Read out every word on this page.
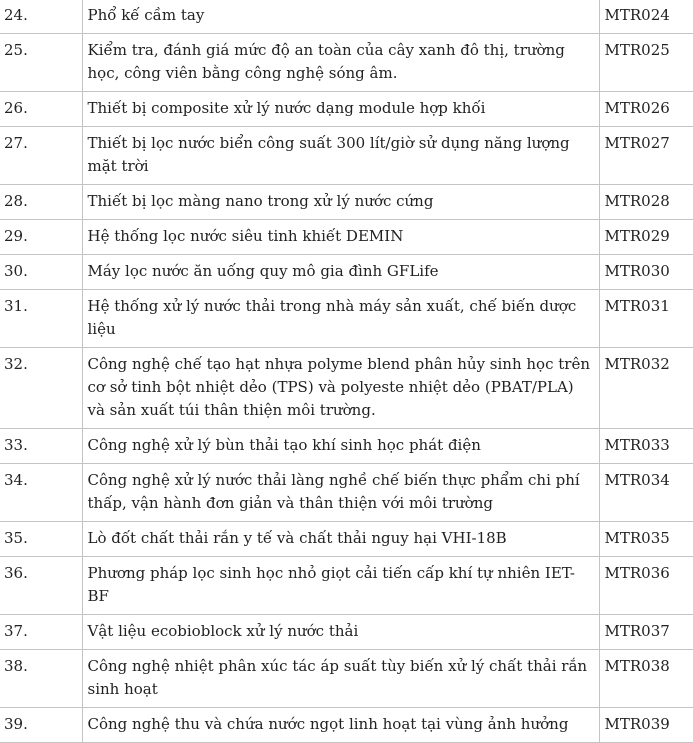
24.	Phổ kế cầm tay	MTR024
25.	Kiểm tra, đánh giá mức độ an toàn của cây xanh đô thị, trường học, công viên bằng công nghệ sóng âm.	MTR025
26.	Thiết bị composite xử lý nước dạng module hợp khối	MTR026
27.	Thiết bị lọc nước biển công suất 300 lít/giờ sử dụng năng lượng mặt trời	MTR027
28.	Thiết bị lọc màng nano trong xử lý nước cứng	MTR028
29.	Hệ thống lọc nước siêu tinh khiết DEMIN	MTR029
30.	Máy lọc nước ăn uống quy mô gia đình GFLife	MTR030
31.	Hệ thống xử lý nước thải trong nhà máy sản xuất, chế biến dược liệu	MTR031
32.	Công nghệ chế tạo hạt nhựa polyme blend phân hủy sinh học trên cơ sở tinh bột nhiệt dẻo (TPS) và polyeste nhiệt dẻo (PBAT/PLA) và sản xuất túi thân thiện môi trường.	MTR032
33.	Công nghệ xử lý bùn thải tạo khí sinh học phát điện	MTR033
34.	Công nghệ xử lý nước thải làng nghề chế biến thực phẩm chi phí thấp, vận hành đơn giản và thân thiện với môi trường	MTR034
35.	Lò đốt chất thải rắn y tế và chất thải nguy hại VHI-18B	MTR035
36.	Phương pháp lọc sinh học nhỏ giọt cải tiến cấp khí tự nhiên IET-BF	MTR036
37.	Vật liệu ecobioblock xử lý nước thải	MTR037
38.	Công nghệ nhiệt phân xúc tác áp suất tùy biến xử lý chất thải rắn sinh hoạt	MTR038
39.	Công nghệ thu và chứa nước ngọt linh hoạt tại vùng ảnh hưởng	MTR039
